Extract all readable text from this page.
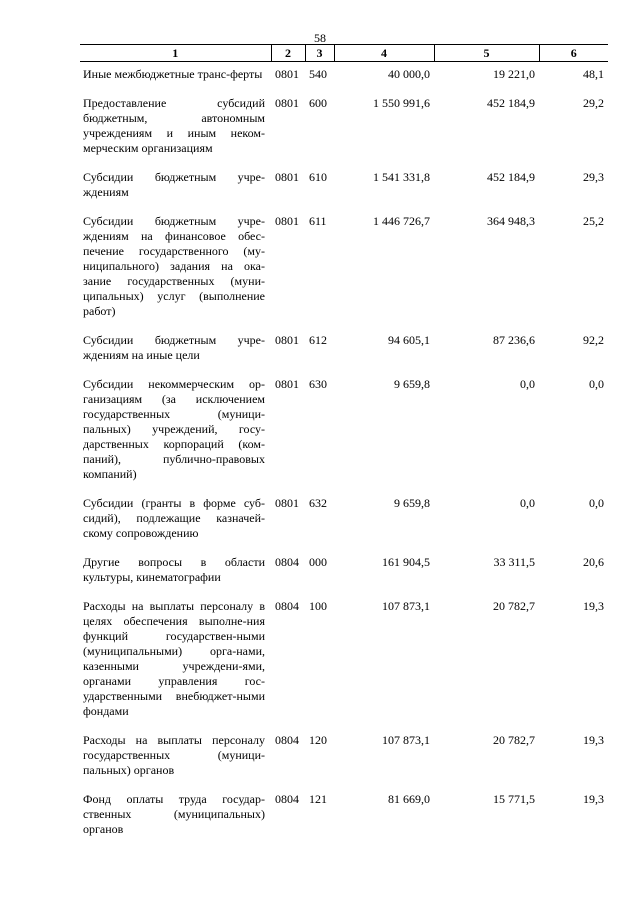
58
1	2	3	4	5	6
Иные межбюджетные транс-ферты	0801	540	40 000,0	19 221,0	48,1
Предоставление субсидий бюджетным, автономным учреждениям и иным неком-мерческим организациям	0801	600	1 550 991,6	452 184,9	29,2
Субсидии бюджетным учре-ждениям	0801	610	1 541 331,8	452 184,9	29,3
Субсидии бюджетным учре-ждениям на финансовое обес-печение государственного (му-ниципального) задания на ока-зание государственных (муни-ципальных) услуг (выполнение работ)	0801	611	1 446 726,7	364 948,3	25,2
Субсидии бюджетным учре-ждениям на иные цели	0801	612	94 605,1	87 236,6	92,2
Субсидии некоммерческим ор-ганизациям (за исключением государственных (муници-пальных) учреждений, госу-дарственных корпораций (ком-паний), публично-правовых компаний)	0801	630	9 659,8	0,0	0,0
Субсидии (гранты в форме суб-сидий), подлежащие казначей-скому сопровождению	0801	632	9 659,8	0,0	0,0
Другие вопросы в области культуры, кинематографии	0804	000	161 904,5	33 311,5	20,6
Расходы на выплаты персоналу в целях обеспечения выполне-ния функций государствен-ными (муниципальными) орга-нами, казенными учреждени-ями, органами управления гос-ударственными внебюджет-ными фондами	0804	100	107 873,1	20 782,7	19,3
Расходы на выплаты персоналу государственных (муници-пальных) органов	0804	120	107 873,1	20 782,7	19,3
Фонд оплаты труда государ-ственных (муниципальных) органов	0804	121	81 669,0	15 771,5	19,3
